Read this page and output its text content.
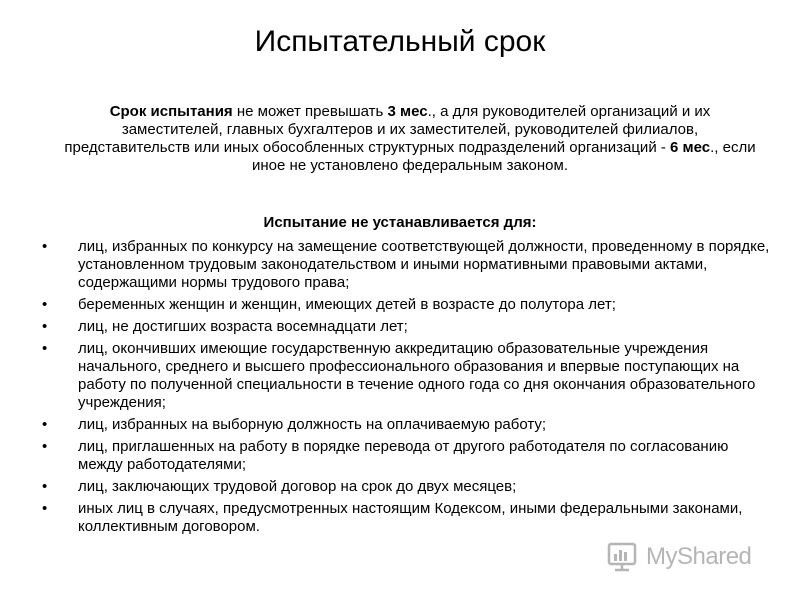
Испытательный срок
Срок испытания не может превышать 3 мес., а для руководителей организаций и их заместителей, главных бухгалтеров и их заместителей, руководителей филиалов, представительств или иных обособленных структурных подразделений организаций - 6 мес., если иное не установлено федеральным законом.
Испытание не устанавливается для:
• лиц, избранных по конкурсу на замещение соответствующей должности, проведенному в порядке, установленном трудовым законодательством и иными нормативными правовыми актами, содержащими нормы трудового права;
• беременных женщин и женщин, имеющих детей в возрасте до полутора лет;
• лиц, не достигших возраста восемнадцати лет;
• лиц, окончивших имеющие государственную аккредитацию образовательные учреждения начального, среднего и высшего профессионального образования и впервые поступающих на работу по полученной специальности в течение одного года со дня окончания образовательного учреждения;
• лиц, избранных на выборную должность на оплачиваемую работу;
• лиц, приглашенных на работу в порядке перевода от другого работодателя по согласованию между работодателями;
• лиц, заключающих трудовой договор на срок до двух месяцев;
• иных лиц в случаях, предусмотренных настоящим Кодексом, иными федеральными законами, коллективным договором.
MyShared
